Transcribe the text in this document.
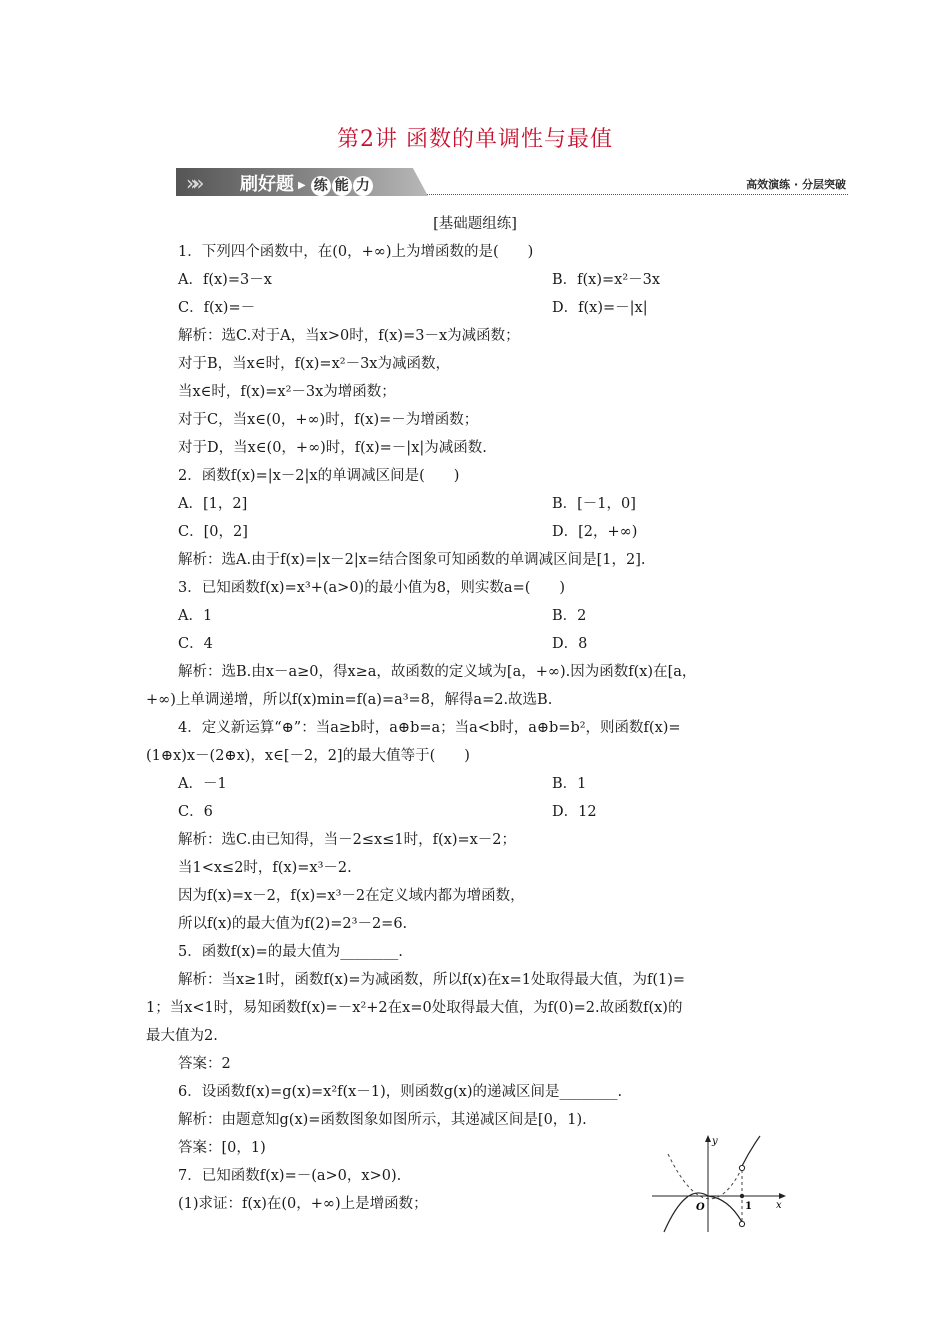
第2讲 函数的单调性与最值
»» 刷好题 ▶ 练 能 力	高效演练 · 分层突破
[基础题组练]
1．下列四个函数中，在(0，+∞)上为增函数的是(　　)
A．f(x)=3－x	B．f(x)=x²－3x
C．f(x)=－	D．f(x)=－|x|
解析：选C.对于A，当x>0时，f(x)=3－x为减函数；
对于B，当x∈时，f(x)=x²－3x为减函数，
当x∈时，f(x)=x²－3x为增函数；
对于C，当x∈(0，+∞)时，f(x)=－为增函数；
对于D，当x∈(0，+∞)时，f(x)=－|x|为减函数.
2．函数f(x)=|x－2|x的单调减区间是(　　)
A．[1，2]	B．[－1，0]
C．[0，2]	D．[2，+∞)
解析：选A.由于f(x)=|x－2|x=结合图象可知函数的单调减区间是[1，2].
3．已知函数f(x)=x³+(a>0)的最小值为8，则实数a=(　　)
A．1	B．2
C．4	D．8
解析：选B.由x－a≥0，得x≥a，故函数的定义域为[a，+∞).因为函数f(x)在[a，
+∞)上单调递增，所以f(x)min=f(a)=a³=8，解得a=2.故选B.
4．定义新运算“⊕”：当a≥b时，a⊕b=a；当a<b时，a⊕b=b²，则函数f(x)=
(1⊕x)x－(2⊕x)，x∈[－2，2]的最大值等于(　　)
A．－1	B．1
C．6	D．12
解析：选C.由已知得，当－2≤x≤1时，f(x)=x－2；
当1<x≤2时，f(x)=x³－2.
因为f(x)=x－2，f(x)=x³－2在定义域内都为增函数，
所以f(x)的最大值为f(2)=2³－2=6.
5．函数f(x)=的最大值为________.
解析：当x≥1时，函数f(x)=为减函数，所以f(x)在x=1处取得最大值，为f(1)=
1；当x<1时，易知函数f(x)=－x²+2在x=0处取得最大值，为f(0)=2.故函数f(x)的
最大值为2.
答案：2
6．设函数f(x)=g(x)=x²f(x－1)，则函数g(x)的递减区间是________.
解析：由题意知g(x)=函数图象如图所示，其递减区间是[0，1).
答案：[0，1)
7．已知函数f(x)=－(a>0，x>0).
(1)求证：f(x)在(0，+∞)上是增函数；
y
x
O	1
